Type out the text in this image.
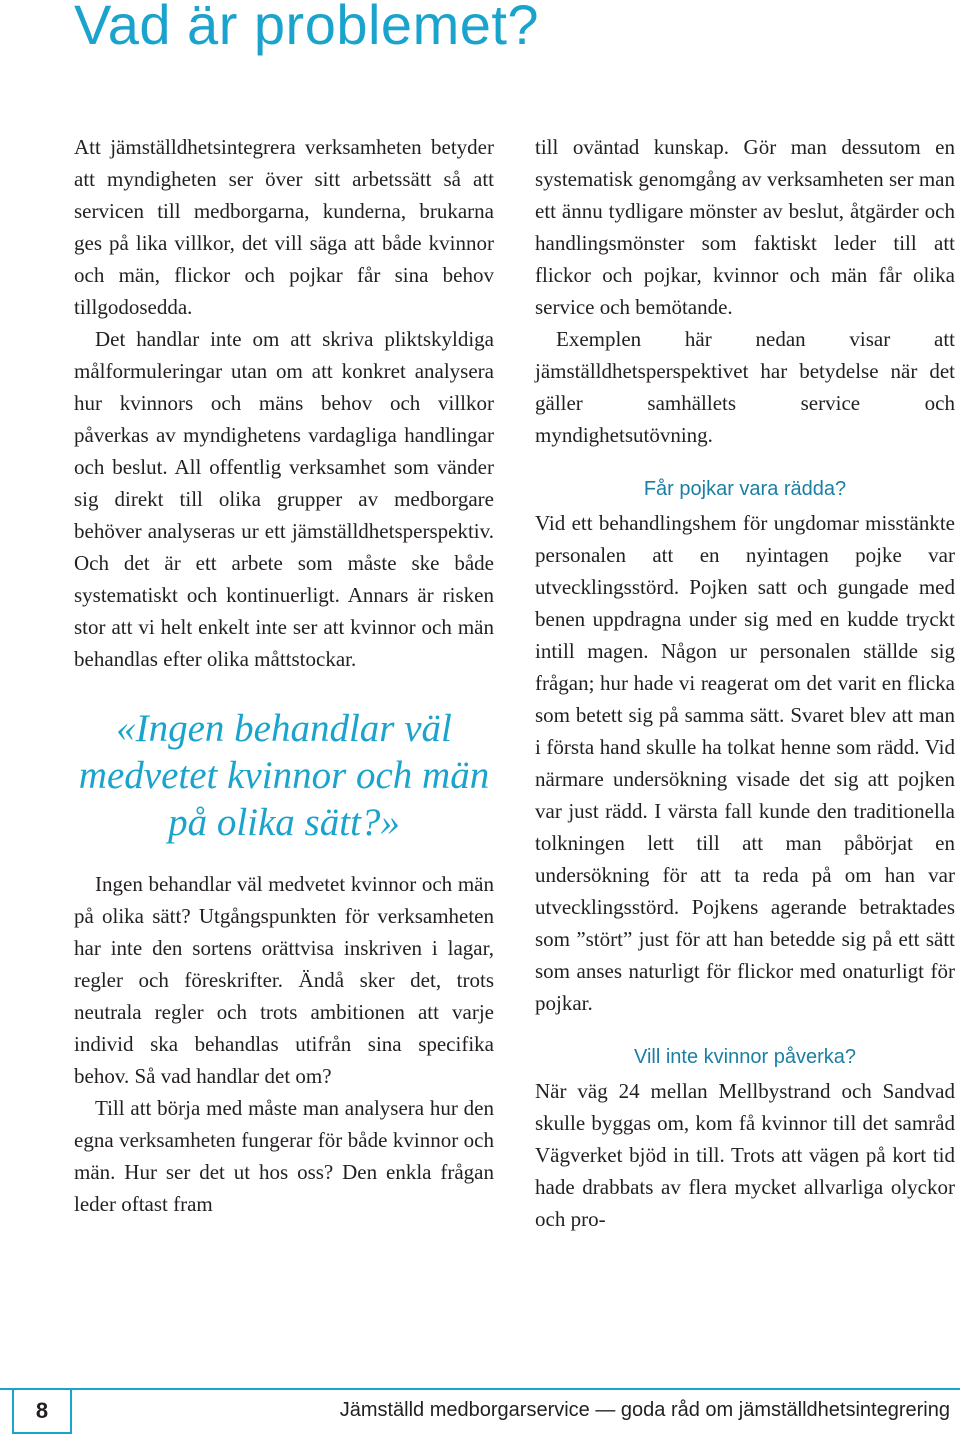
Vad är problemet?

Att jämställdhetsintegrera verksamheten betyder att myndigheten ser över sitt arbetssätt så att servicen till medborgarna, kunderna, brukarna ges på lika villkor, det vill säga att både kvinnor och män, flickor och pojkar får sina behov tillgodosedda.

Det handlar inte om att skriva pliktskyldiga målformuleringar utan om att konkret analysera hur kvinnors och mäns behov och villkor påverkas av myndighetens vardagliga handlingar och beslut. All offentlig verksamhet som vänder sig direkt till olika grupper av medborgare behöver analyseras ur ett jämställdhetsperspektiv. Och det är ett arbete som måste ske både systematiskt och kontinuerligt. Annars är risken stor att vi helt enkelt inte ser att kvinnor och män behandlas efter olika måttstockar.

«Ingen behandlar väl medvetet kvinnor och män på olika sätt?»

Ingen behandlar väl medvetet kvinnor och män på olika sätt? Utgångspunkten för verksamheten har inte den sortens orättvisa inskriven i lagar, regler och föreskrifter. Ändå sker det, trots neutrala regler och trots ambitionen att varje individ ska behandlas utifrån sina specifika behov. Så vad handlar det om?

Till att börja med måste man analysera hur den egna verksamheten fungerar för både kvinnor och män. Hur ser det ut hos oss? Den enkla frågan leder oftast fram

till oväntad kunskap. Gör man dessutom en systematisk genomgång av verksamheten ser man ett ännu tydligare mönster av beslut, åtgärder och handlingsmönster som faktiskt leder till att flickor och pojkar, kvinnor och män får olika service och bemötande.

Exemplen här nedan visar att jämställdhetsperspektivet har betydelse när det gäller samhällets service och myndighetsutövning.

Får pojkar vara rädda?

Vid ett behandlingshem för ungdomar misstänkte personalen att en nyintagen pojke var utvecklingsstörd. Pojken satt och gungade med benen uppdragna under sig med en kudde tryckt intill magen. Någon ur personalen ställde sig frågan; hur hade vi reagerat om det varit en flicka som betett sig på samma sätt. Svaret blev att man i första hand skulle ha tolkat henne som rädd. Vid närmare undersökning visade det sig att pojken var just rädd. I värsta fall kunde den traditionella tolkningen lett till att man påbörjat en undersökning för att ta reda på om han var utvecklingsstörd. Pojkens agerande betraktades som ”stört” just för att han betedde sig på ett sätt som anses naturligt för flickor med onaturligt för pojkar.

Vill inte kvinnor påverka?

När väg 24 mellan Mellbystrand och Sandvad skulle byggas om, kom få kvinnor till det samråd Vägverket bjöd in till. Trots att vägen på kort tid hade drabbats av flera mycket allvarliga olyckor och pro-

8	Jämställd medborgarservice — goda råd om jämställdhetsintegrering
